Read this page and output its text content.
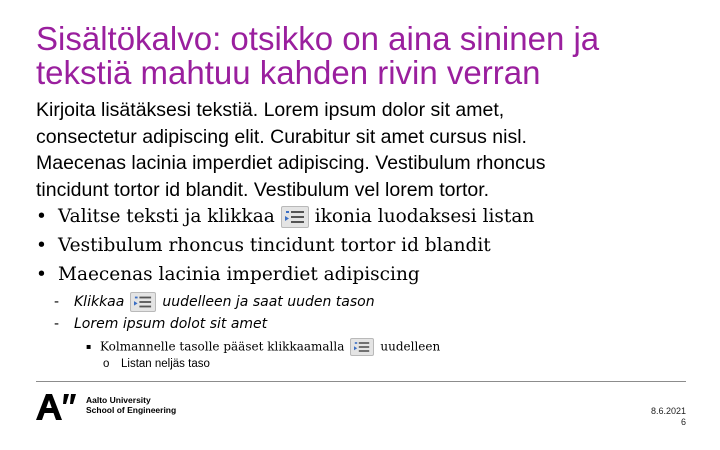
Sisältökalvo: otsikko on aina sininen ja
tekstiä mahtuu kahden rivin verran
Kirjoita lisätäksesi tekstiä. Lorem ipsum dolor sit amet,
consectetur adipiscing elit. Curabitur sit amet cursus nisl.
Maecenas lacinia imperdiet adipiscing. Vestibulum rhoncus
tincidunt tortor id blandit. Vestibulum vel lorem tortor.
• Valitse teksti ja klikkaa ikonia luodaksesi listan
• Vestibulum rhoncus tincidunt tortor id blandit
• Maecenas lacinia imperdiet adipiscing
- Klikkaa	uudelleen ja saat uuden tason
- Lorem ipsum dolot sit amet
▪ Kolmannelle tasolle pääset klikkaamalla	uudelleen
o Listan neljäs taso
Aalto University
School of Engineering	8.6.2021
6
